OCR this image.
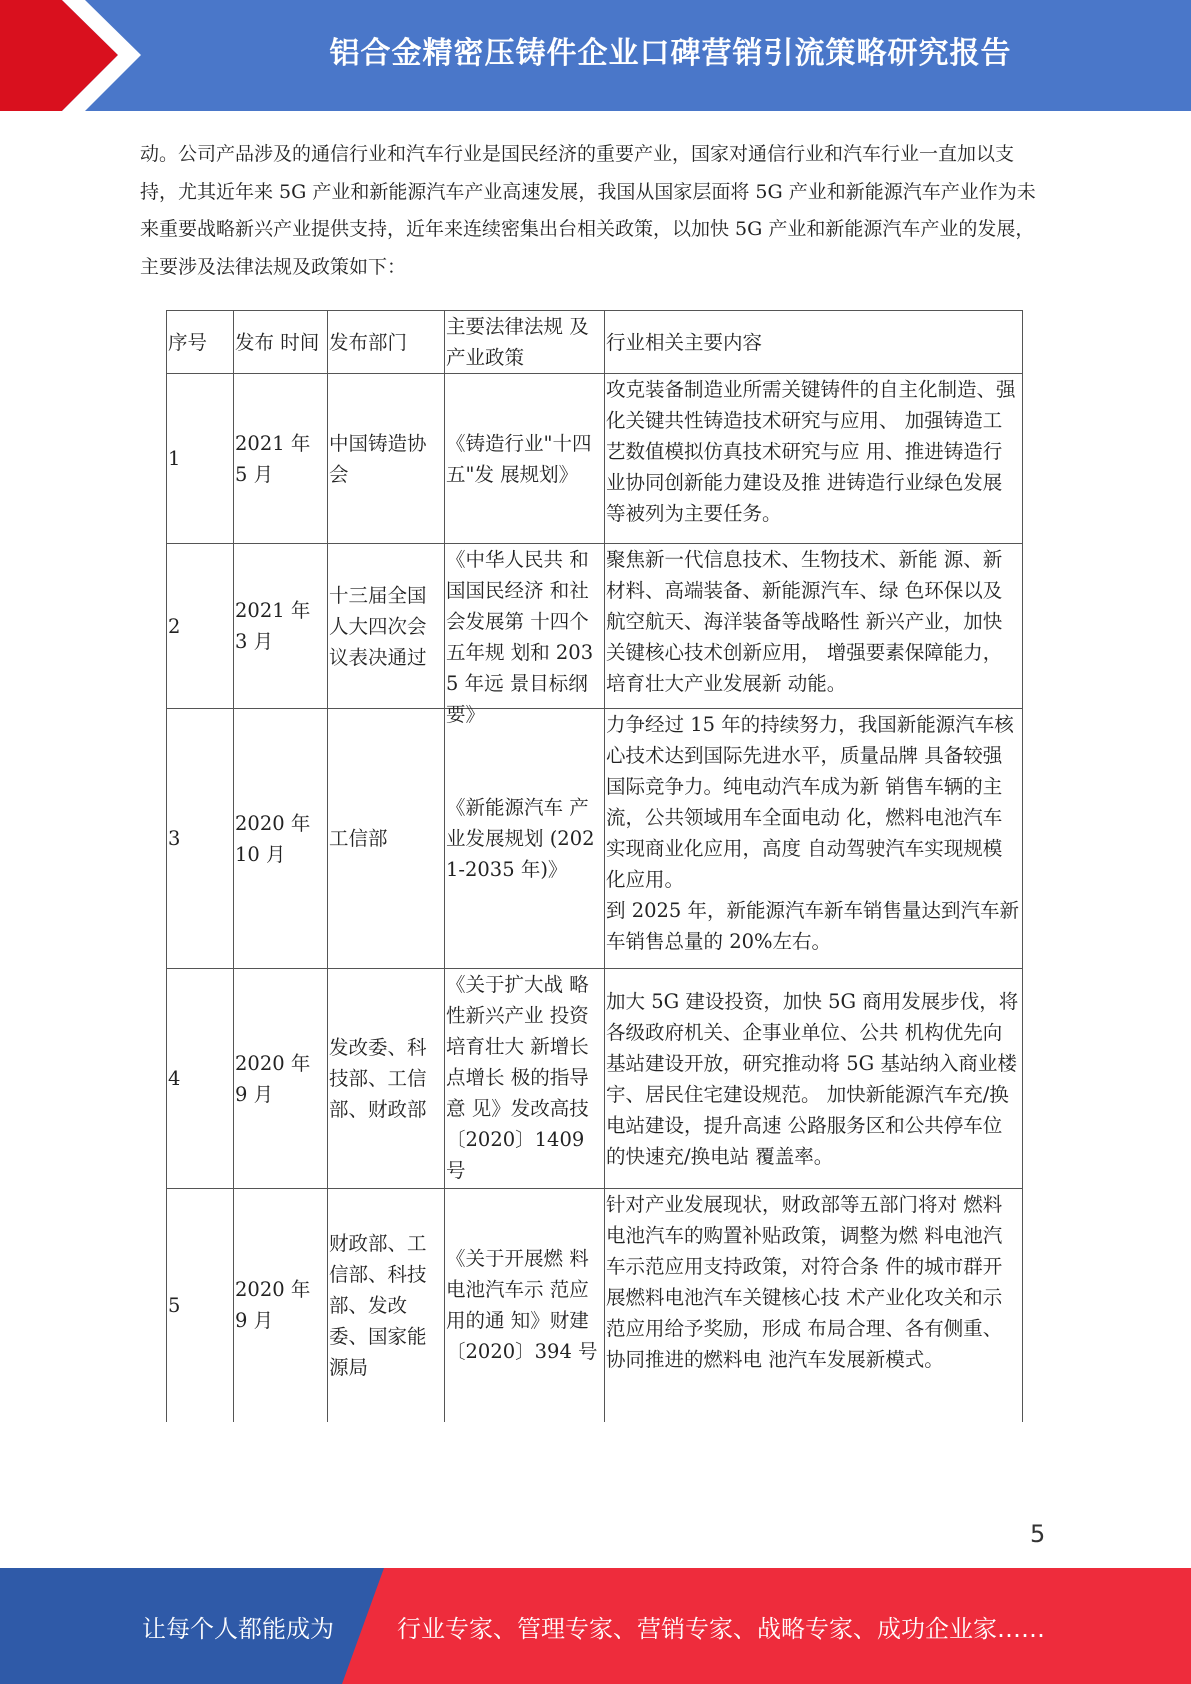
铝合金精密压铸件企业口碑营销引流策略研究报告
动。公司产品涉及的通信行业和汽车行业是国民经济的重要产业，国家对通信行业和汽车行业一直加以支持，尤其近年来 5G 产业和新能源汽车产业高速发展，我国从国家层面将 5G 产业和新能源汽车产业作为未来重要战略新兴产业提供支持，近年来连续密集出台相关政策，以加快 5G 产业和新能源汽车产业的发展，主要涉及法律法规及政策如下：
序号	发布 时间	发布部门	主要法律法规 及产业政策	行业相关主要内容
1	2021 年 5 月	中国铸造协会	《铸造行业"十四五"发 展规划》	攻克装备制造业所需关键铸件的自主化制造、强化关键共性铸造技术研究与应用、 加强铸造工艺数值模拟仿真技术研究与应 用、推进铸造行业协同创新能力建设及推 进铸造行业绿色发展等被列为主要任务。
2	2021 年 3 月	十三届全国人大四次会议表决通过	《中华人民共 和国国民经济 和社会发展第 十四个五年规 划和 2035 年远 景目标纲要》	聚焦新一代信息技术、生物技术、新能 源、新材料、高端装备、新能源汽车、绿 色环保以及航空航天、海洋装备等战略性 新兴产业，加快关键核心技术创新应用， 增强要素保障能力，培育壮大产业发展新 动能。
3	2020 年 10 月	工信部	《新能源汽车 产业发展规划 (2021-2035 年)》	力争经过 15 年的持续努力，我国新能源汽车核心技术达到国际先进水平，质量品牌 具备较强国际竞争力。纯电动汽车成为新 销售车辆的主流，公共领域用车全面电动 化，燃料电池汽车实现商业化应用，高度 自动驾驶汽车实现规模化应用。
到 2025 年，新能源汽车新车销售量达到汽车新车销售总量的 20%左右。
4	2020 年 9 月	发改委、科技部、工信部、财政部	《关于扩大战 略性新兴产业 投资培育壮大 新增长点增长 极的指导意 见》发改高技〔2020〕1409 号	加大 5G 建设投资，加快 5G 商用发展步伐，将各级政府机关、企事业单位、公共 机构优先向基站建设开放，研究推动将 5G 基站纳入商业楼宇、居民住宅建设规范。 加快新能源汽车充/换电站建设，提升高速 公路服务区和公共停车位的快速充/换电站 覆盖率。
5	2020 年 9 月	财政部、工信部、科技部、发改委、国家能源局	《关于开展燃 料电池汽车示 范应用的通 知》财建〔2020〕394 号	针对产业发展现状，财政部等五部门将对 燃料电池汽车的购置补贴政策，调整为燃 料电池汽车示范应用支持政策，对符合条 件的城市群开展燃料电池汽车关键核心技 术产业化攻关和示范应用给予奖励，形成 布局合理、各有侧重、协同推进的燃料电 池汽车发展新模式。
5
让每个人都能成为	行业专家、管理专家、营销专家、战略专家、成功企业家……
